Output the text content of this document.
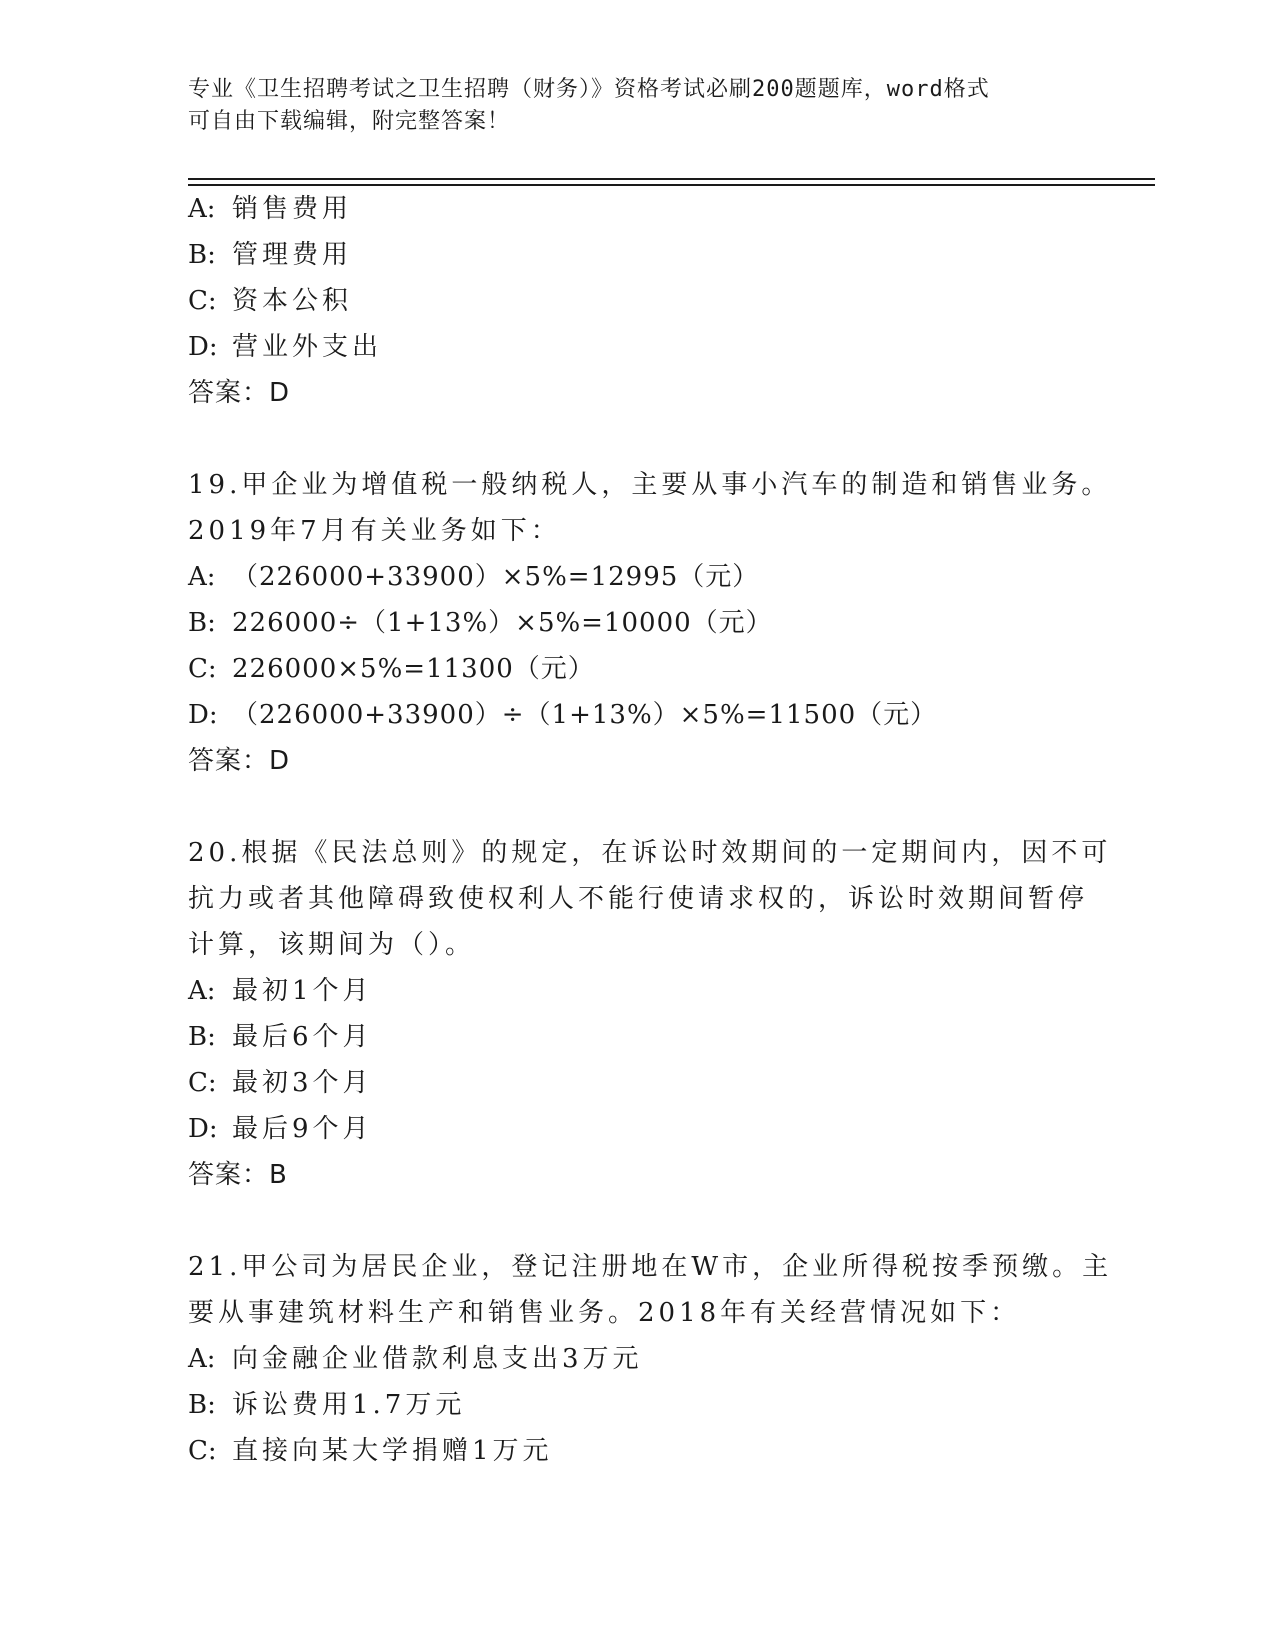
专业《卫生招聘考试之卫生招聘（财务）》资格考试必刷200题题库，word格式
可自由下载编辑，附完整答案！
A: 销售费用
B: 管理费用
C: 资本公积
D: 营业外支出
答案：D
19.甲企业为增值税一般纳税人，主要从事小汽车的制造和销售业务。
2019年7月有关业务如下：
A: （226000+33900）×5%=12995（元）
B: 226000÷（1+13%）×5%=10000（元）
C: 226000×5%=11300（元）
D: （226000+33900）÷（1+13%）×5%=11500（元）
答案：D
20.根据《民法总则》的规定，在诉讼时效期间的一定期间内，因不可
抗力或者其他障碍致使权利人不能行使请求权的，诉讼时效期间暂停
计算，该期间为（）。
A: 最初1个月
B: 最后6个月
C: 最初3个月
D: 最后9个月
答案：B
21.甲公司为居民企业，登记注册地在W市，企业所得税按季预缴。主
要从事建筑材料生产和销售业务。2018年有关经营情况如下：
A: 向金融企业借款利息支出3万元
B: 诉讼费用1.7万元
C: 直接向某大学捐赠1万元
